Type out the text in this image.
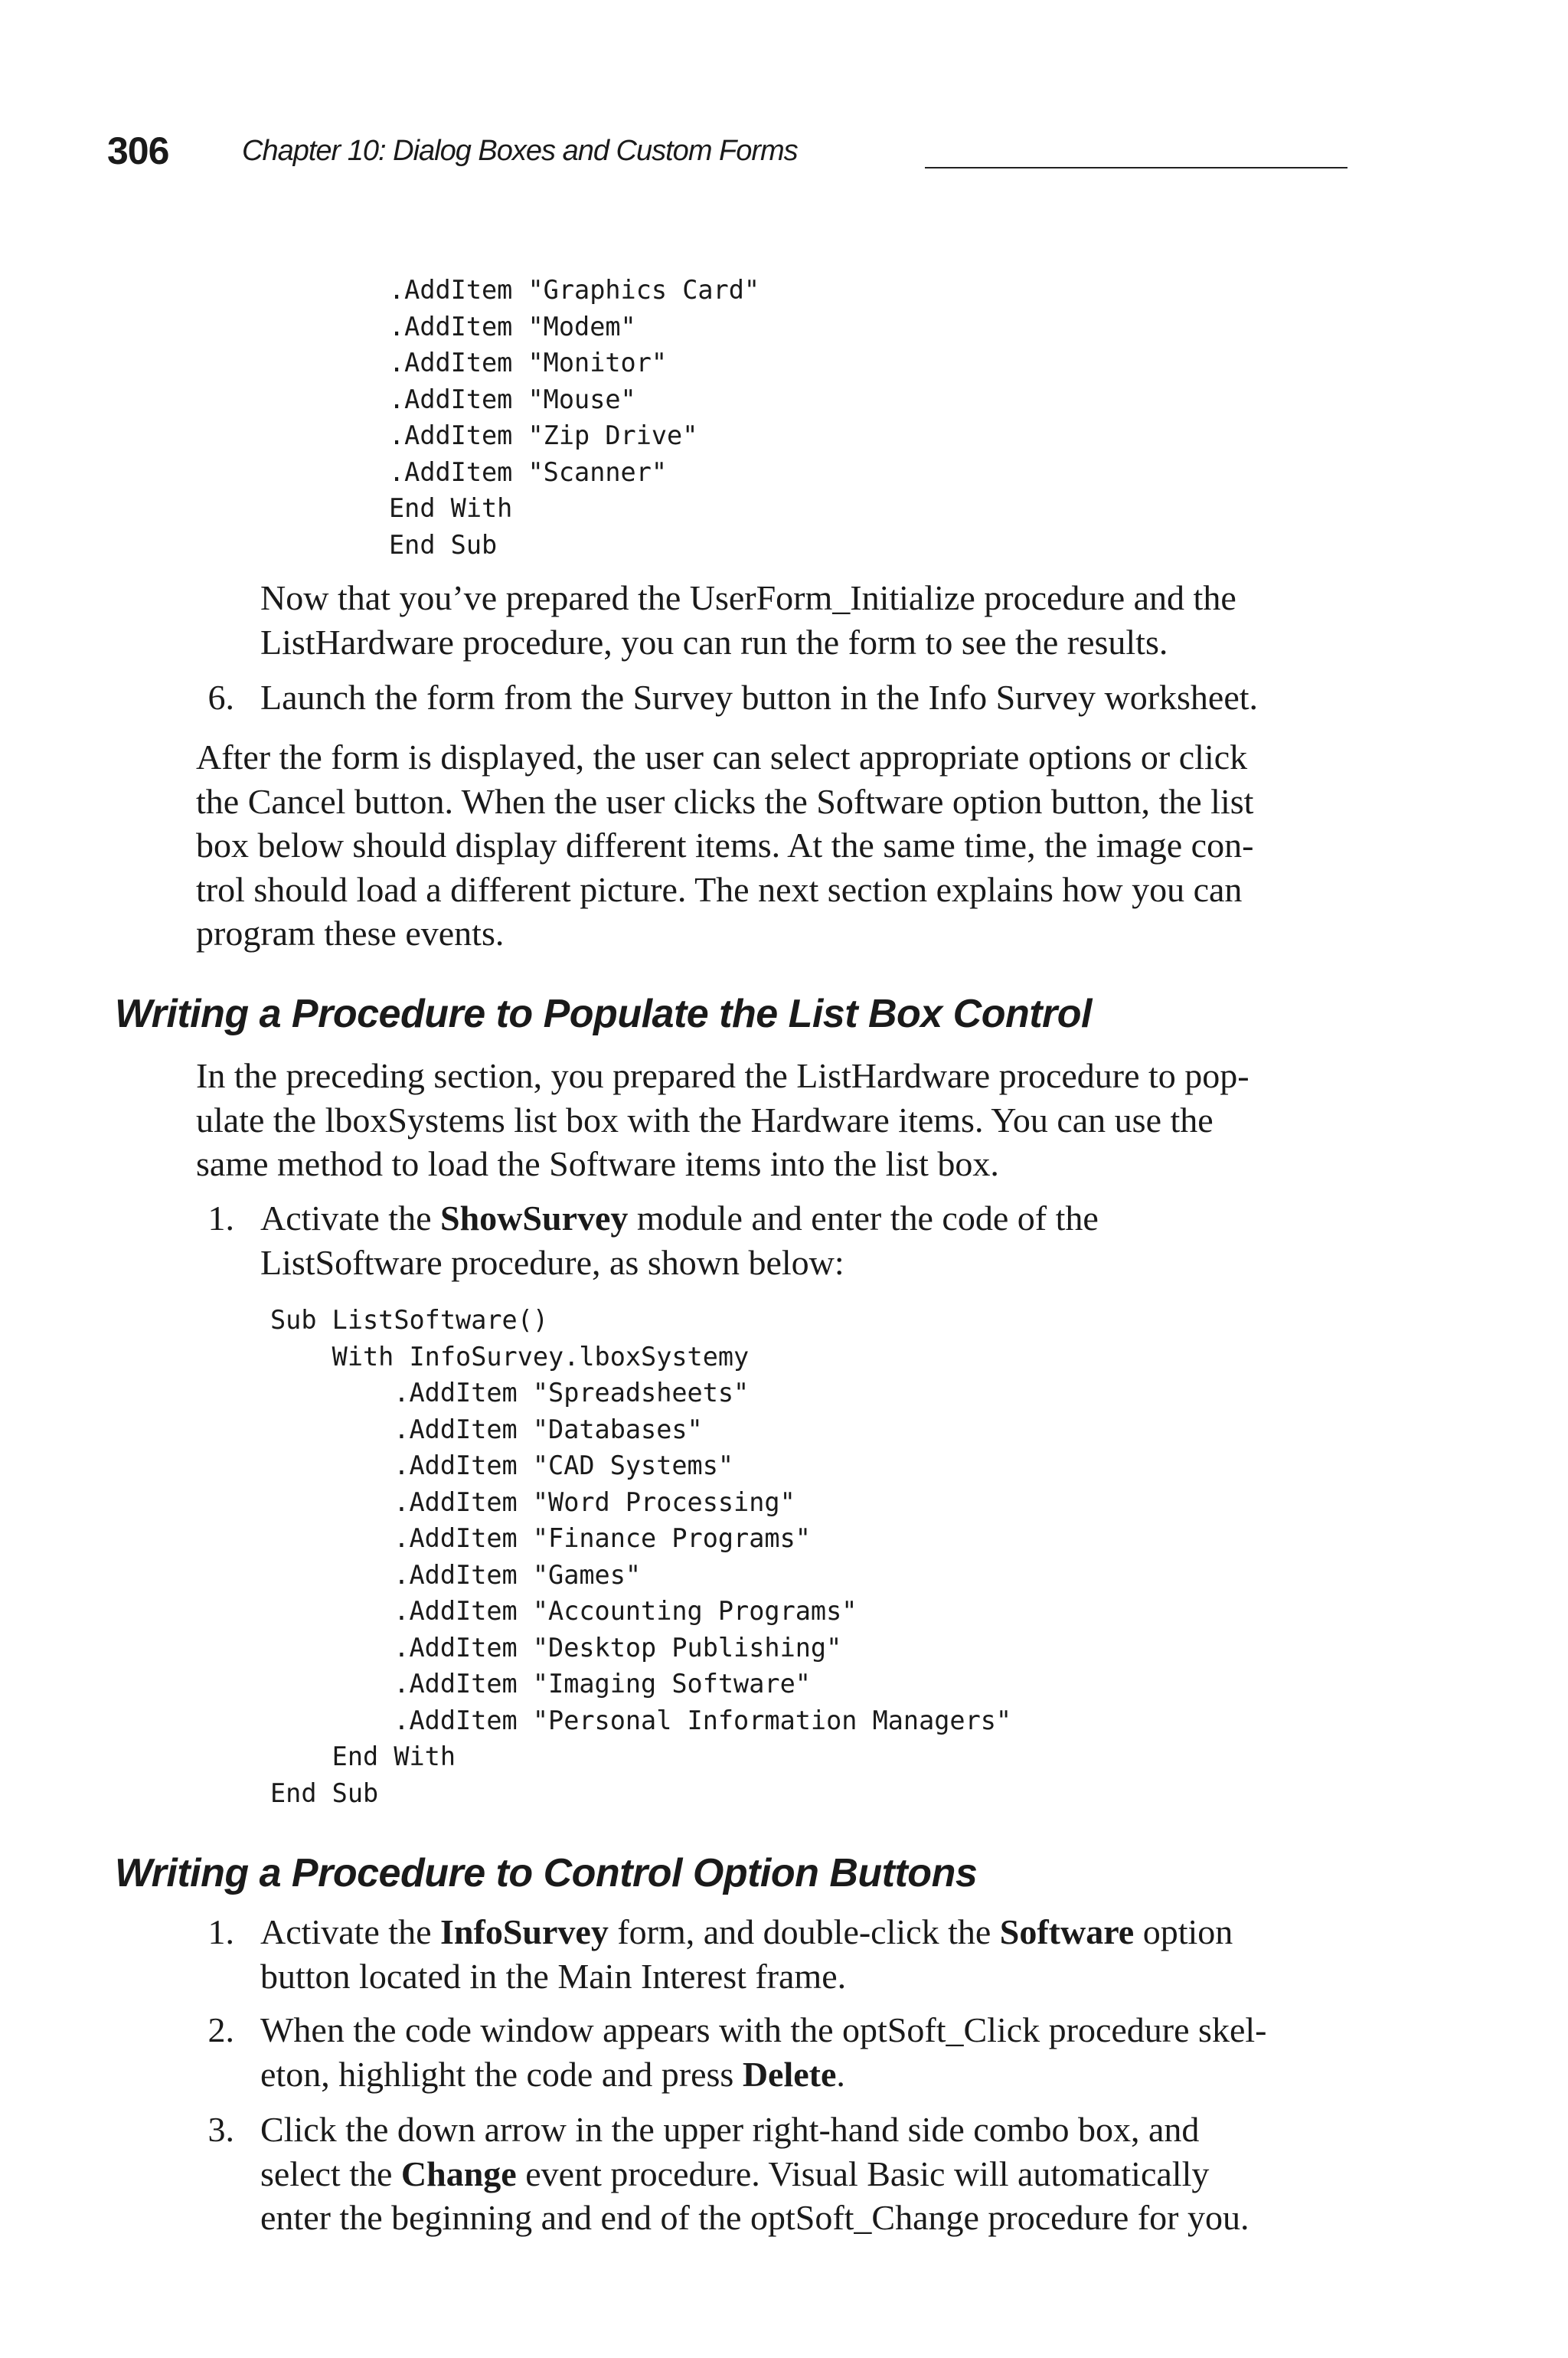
306	Chapter 10: Dialog Boxes and Custom Forms
.AddItem "Graphics Card"
.AddItem "Modem"
.AddItem "Monitor"
.AddItem "Mouse"
.AddItem "Zip Drive"
.AddItem "Scanner"
End With
End Sub
Now that you’ve prepared the UserForm_Initialize procedure and the
ListHardware procedure, you can run the form to see the results.
6. Launch the form from the Survey button in the Info Survey worksheet.
After the form is displayed, the user can select appropriate options or click
the Cancel button. When the user clicks the Software option button, the list
box below should display different items. At the same time, the image con-
trol should load a different picture. The next section explains how you can
program these events.
Writing a Procedure to Populate the List Box Control
In the preceding section, you prepared the ListHardware procedure to pop-
ulate the lboxSystems list box with the Hardware items. You can use the
same method to load the Software items into the list box.
1. Activate the ShowSurvey module and enter the code of the
ListSoftware procedure, as shown below:
Sub ListSoftware()
With InfoSurvey.lboxSystemy
.AddItem "Spreadsheets"
.AddItem "Databases"
.AddItem "CAD Systems"
.AddItem "Word Processing"
.AddItem "Finance Programs"
.AddItem "Games"
.AddItem "Accounting Programs"
.AddItem "Desktop Publishing"
.AddItem "Imaging Software"
.AddItem "Personal Information Managers"
End With
End Sub
Writing a Procedure to Control Option Buttons
1. Activate the InfoSurvey form, and double-click the Software option
button located in the Main Interest frame.
2. When the code window appears with the optSoft_Click procedure skel-
eton, highlight the code and press Delete.
3. Click the down arrow in the upper right-hand side combo box, and
select the Change event procedure. Visual Basic will automatically
enter the beginning and end of the optSoft_Change procedure for you.
